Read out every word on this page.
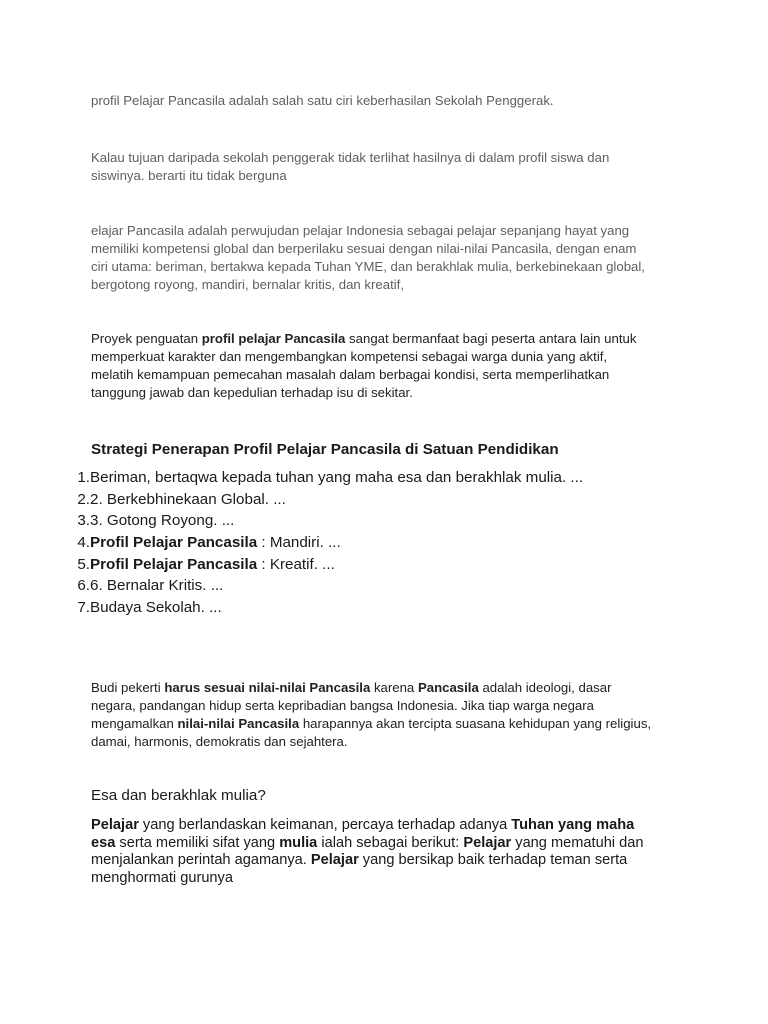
profil Pelajar Pancasila adalah salah satu ciri keberhasilan Sekolah Penggerak.

Kalau tujuan daripada sekolah penggerak tidak terlihat hasilnya di dalam profil siswa dan
siswinya. berarti itu tidak berguna

elajar Pancasila adalah perwujudan pelajar Indonesia sebagai pelajar sepanjang hayat yang
memiliki kompetensi global dan berperilaku sesuai dengan nilai-nilai Pancasila, dengan enam
ciri utama: beriman, bertakwa kepada Tuhan YME, dan berakhlak mulia, berkebinekaan global,
bergotong royong, mandiri, bernalar kritis, dan kreatif,

Proyek penguatan profil pelajar Pancasila sangat bermanfaat bagi peserta antara lain untuk
memperkuat karakter dan mengembangkan kompetensi sebagai warga dunia yang aktif,
melatih kemampuan pemecahan masalah dalam berbagai kondisi, serta memperlihatkan
tanggung jawab dan kepedulian terhadap isu di sekitar.

Strategi Penerapan Profil Pelajar Pancasila di Satuan Pendidikan
1. Beriman, bertaqwa kepada tuhan yang maha esa dan berakhlak mulia. ...
2. 2. Berkebhinekaan Global. ...
3. 3. Gotong Royong. ...
4. Profil Pelajar Pancasila : Mandiri. ...
5. Profil Pelajar Pancasila : Kreatif. ...
6. 6. Bernalar Kritis. ...
7. Budaya Sekolah. ...

Budi pekerti harus sesuai nilai-nilai Pancasila karena Pancasila adalah ideologi, dasar
negara, pandangan hidup serta kepribadian bangsa Indonesia. Jika tiap warga negara
mengamalkan nilai-nilai Pancasila harapannya akan tercipta suasana kehidupan yang religius,
damai, harmonis, demokratis dan sejahtera.

Esa dan berakhlak mulia?

Pelajar yang berlandaskan keimanan, percaya terhadap adanya Tuhan yang maha
esa serta memiliki sifat yang mulia ialah sebagai berikut: Pelajar yang mematuhi dan
menjalankan perintah agamanya. Pelajar yang bersikap baik terhadap teman serta
menghormati gurunya
